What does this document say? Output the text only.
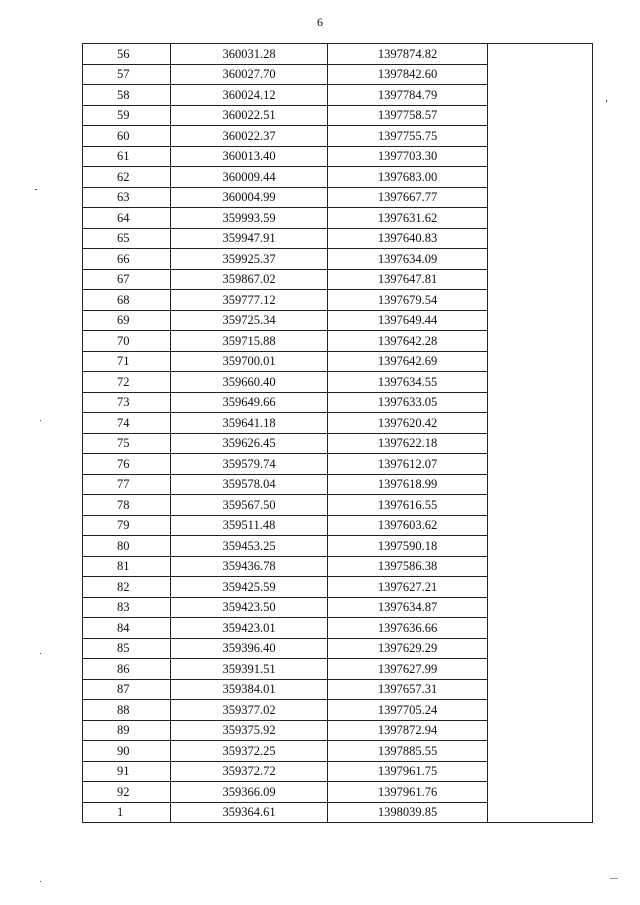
6
56	360031.28	1397874.82	
57	360027.70	1397842.60	
58	360024.12	1397784.79	
59	360022.51	1397758.57	
60	360022.37	1397755.75	
61	360013.40	1397703.30	
62	360009.44	1397683.00	
63	360004.99	1397667.77	
64	359993.59	1397631.62	
65	359947.91	1397640.83	
66	359925.37	1397634.09	
67	359867.02	1397647.81	
68	359777.12	1397679.54	
69	359725.34	1397649.44	
70	359715.88	1397642.28	
71	359700.01	1397642.69	
72	359660.40	1397634.55	
73	359649.66	1397633.05	
74	359641.18	1397620.42	
75	359626.45	1397622.18	
76	359579.74	1397612.07	
77	359578.04	1397618.99	
78	359567.50	1397616.55	
79	359511.48	1397603.62	
80	359453.25	1397590.18	
81	359436.78	1397586.38	
82	359425.59	1397627.21	
83	359423.50	1397634.87	
84	359423.01	1397636.66	
85	359396.40	1397629.29	
86	359391.51	1397627.99	
87	359384.01	1397657.31	
88	359377.02	1397705.24	
89	359375.92	1397872.94	
90	359372.25	1397885.55	
91	359372.72	1397961.75	
92	359366.09	1397961.76	
1	359364.61	1398039.85	
